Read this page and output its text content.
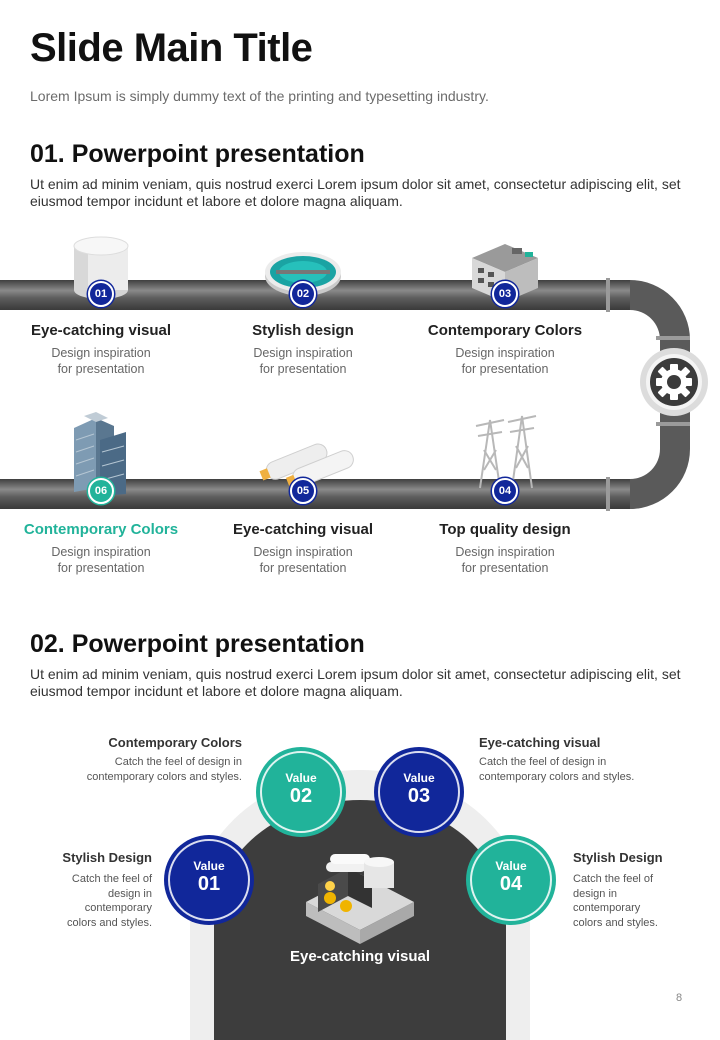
Slide Main Title
Lorem Ipsum is simply dummy text of the printing and typesetting industry.
01. Powerpoint presentation
Ut enim ad minim veniam, quis nostrud exerci Lorem ipsum dolor sit amet, consectetur adipiscing elit, set eiusmod tempor incidunt et labore et dolore magna aliquam.
01	02	03
06	05	04
Eye-catching visual
Design inspiration
for presentation
Stylish design
Design inspiration
for presentation
Contemporary Colors
Design inspiration
for presentation
Contemporary Colors
Design inspiration
for presentation
Eye-catching visual
Design inspiration
for presentation
Top quality design
Design inspiration
for presentation
02. Powerpoint presentation
Ut enim ad minim veniam, quis nostrud exerci Lorem ipsum dolor sit amet, consectetur adipiscing elit, set eiusmod tempor incidunt et labore et dolore magna aliquam.
Eye-catching visual
Value
01
Value
02
Value
03
Value
04
Stylish Design
Catch the feel of
design in
contemporary
colors and styles.
Contemporary Colors
Catch the feel of design in
contemporary colors and styles.
Eye-catching visual
Catch the feel of design in
contemporary colors and styles.
Stylish Design
Catch the feel of
design in
contemporary
colors and styles.
8
